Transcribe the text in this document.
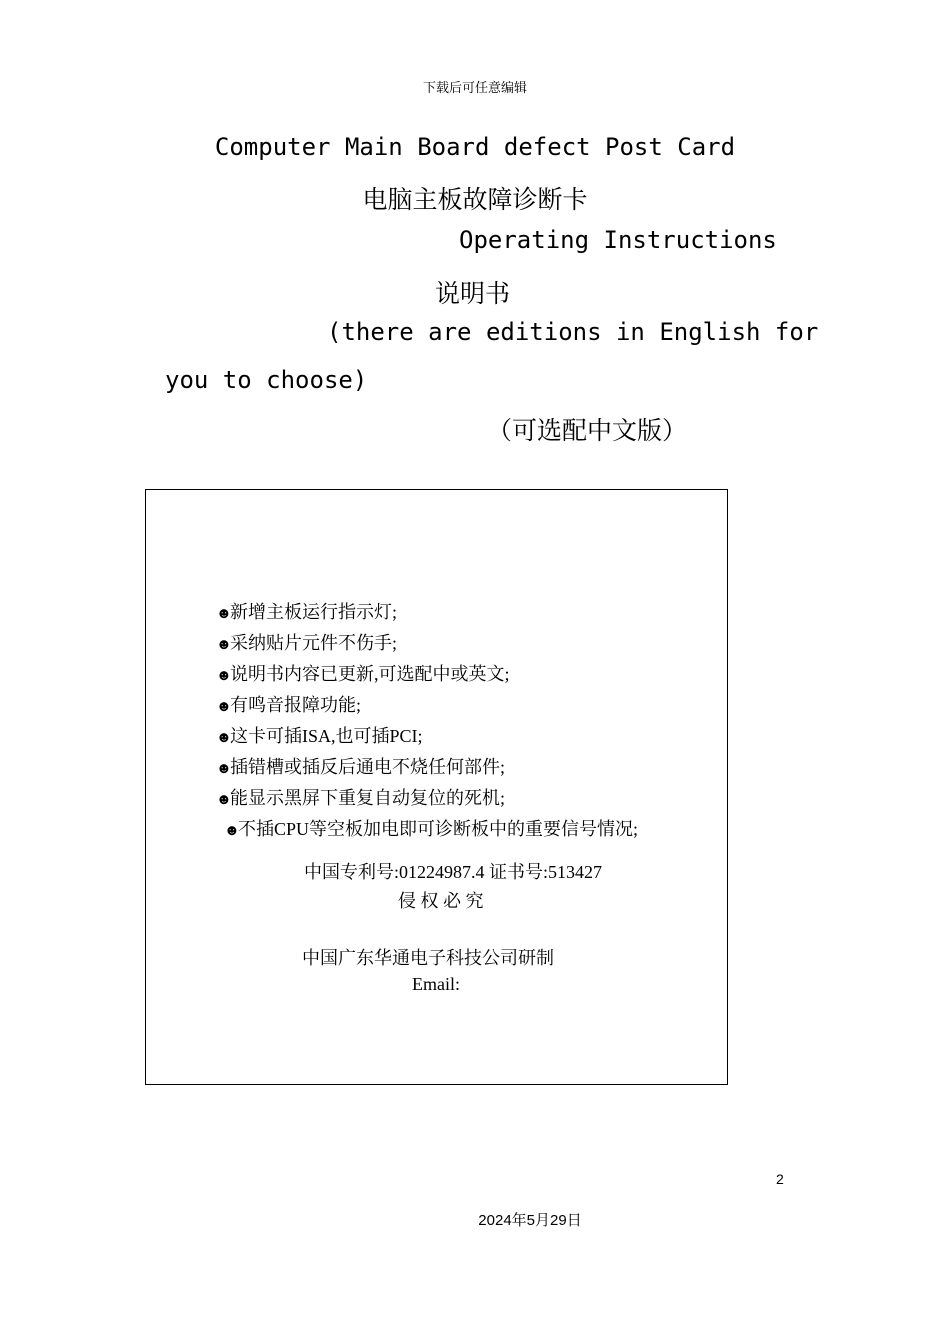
下载后可任意编辑
Computer Main Board defect Post Card
电脑主板故障诊断卡
Operating Instructions
说明书
(there are editions in English for
you to choose)
（可选配中文版）
☻新增主板运行指示灯;
☻采纳贴片元件不伤手;
☻说明书内容已更新,可选配中或英文;
☻有鸣音报障功能;
☻这卡可插ISA,也可插PCI;
☻插错槽或插反后通电不烧任何部件;
☻能显示黑屏下重复自动复位的死机;
☻不插CPU等空板加电即可诊断板中的重要信号情况;
中国专利号:01224987.4 证书号:513427
侵 权 必 究
中国广东华通电子科技公司研制
Email:
2
2024年5月29日
